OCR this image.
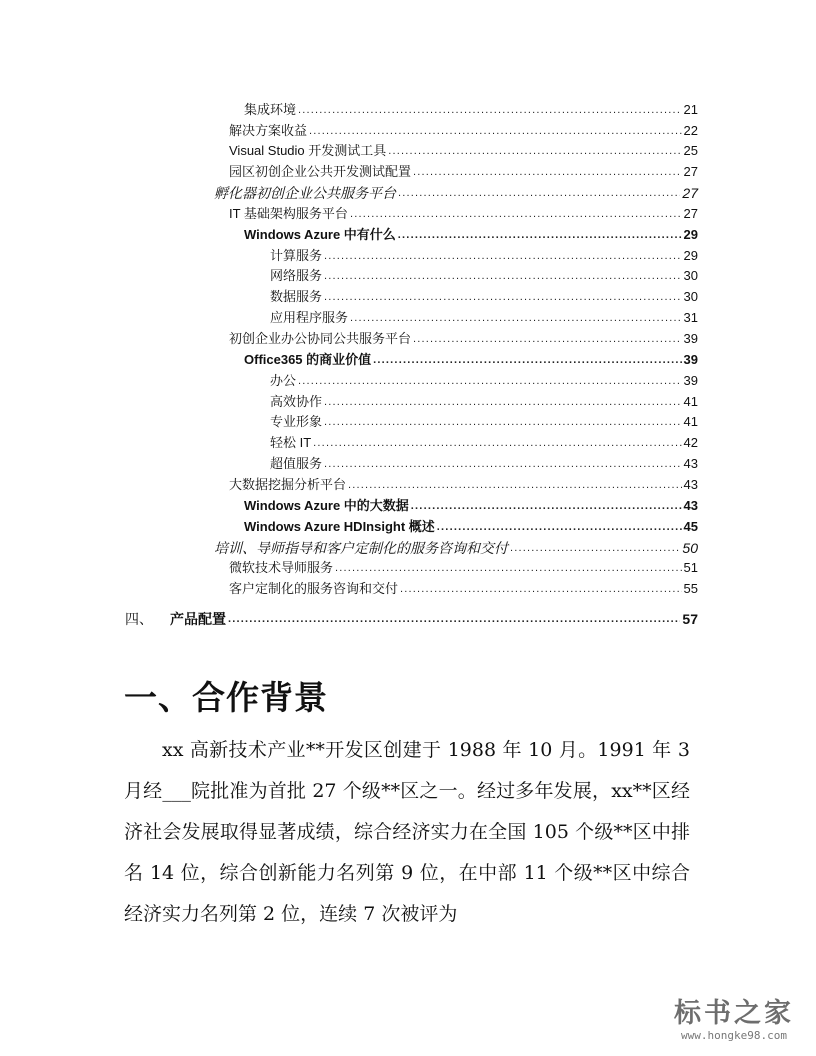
集成环境 .....	21
解决方案收益 .....	22
Visual Studio 开发测试工具 .....	25
园区初创企业公共开发测试配置 .....	27
孵化器初创企业公共服务平台 .....	27
IT 基础架构服务平台 .....	27
Windows Azure 中有什么 .....	29
计算服务 .....	29
网络服务 .....	30
数据服务 .....	30
应用程序服务 .....	31
初创企业办公协同公共服务平台 .....	39
Office365 的商业价值 .....	39
办公 .....	39
高效协作 .....	41
专业形象 .....	41
轻松 IT .....	42
超值服务 .....	43
大数据挖掘分析平台 .....	43
Windows Azure 中的大数据 .....	43
Windows Azure HDInsight 概述 .....	45
培训、导师指导和客户定制化的服务咨询和交付 .....	50
微软技术导师服务 .....	51
客户定制化的服务咨询和交付 .....	55
四、	产品配置 .....	57
一、合作背景

xx 高新技术产业**开发区创建于 1988 年 10 月。1991 年 3 月经___院批准为首批 27 个级**区之一。经过多年发展，xx**区经济社会发展取得显著成绩，综合经济实力在全国 105 个级**区中排名 14 位，综合创新能力名列第 9 位，在中部 11 个级**区中综合经济实力名列第 2 位，连续 7 次被评为

标书之家
www.hongke98.com
